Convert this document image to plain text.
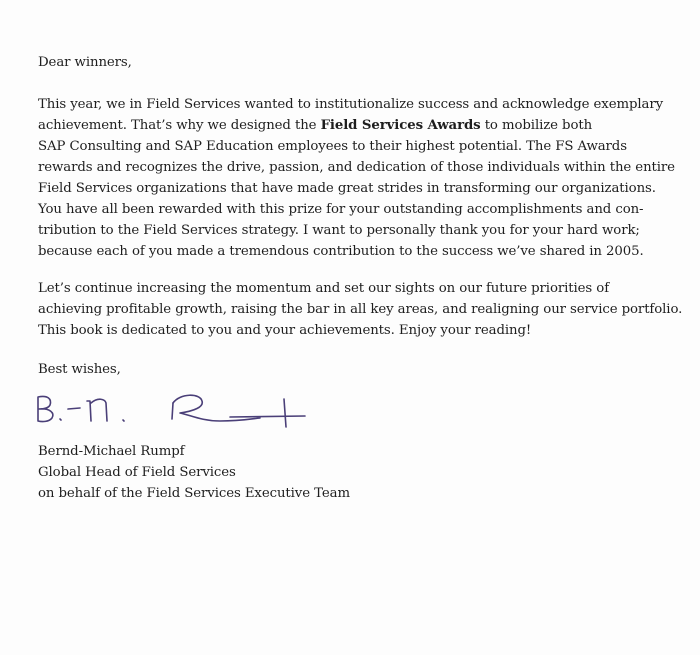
Dear winners,
This year, we in Field Services wanted to institutionalize success and acknowledge exemplary
achievement. That’s why we designed the Field Services Awards to mobilize both
SAP Consulting and SAP Education employees to their highest potential. The FS Awards
rewards and recognizes the drive, passion, and dedication of those individuals within the entire
Field Services organizations that have made great strides in transforming our organizations.
You have all been rewarded with this prize for your outstanding accomplishments and con-
tribution to the Field Services strategy. I want to personally thank you for your hard work;
because each of you made a tremendous contribution to the success we’ve shared in 2005.
Let’s continue increasing the momentum and set our sights on our future priorities of
achieving profitable growth, raising the bar in all key areas, and realigning our service portfolio.
This book is dedicated to you and your achievements. Enjoy your reading!
Best wishes,
Bernd-Michael Rumpf
Global Head of Field Services
on behalf of the Field Services Executive Team
